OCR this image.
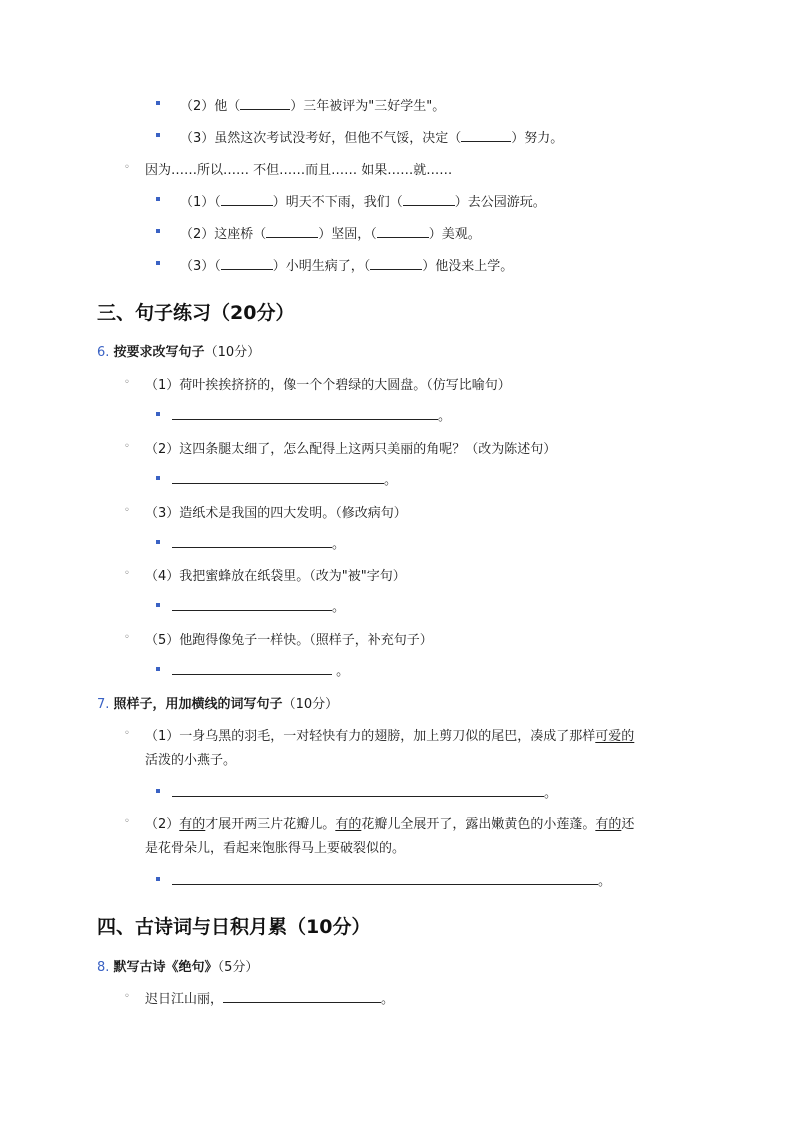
（2）他（	）三年被评为"三好学生"。
（3）虽然这次考试没考好，但他不气馁，决定（	）努力。
◦ 因为……所以…… 不但……而且…… 如果……就……
（1）（	）明天不下雨，我们（	）去公园游玩。
（2）这座桥（	）坚固，（	）美观。
（3）（	）小明生病了，（	）他没来上学。
三、句子练习（20分）
6. 按要求改写句子（10分）
◦ （1）荷叶挨挨挤挤的，像一个个碧绿的大圆盘。（仿写比喻句）
。
◦ （2）这四条腿太细了，怎么配得上这两只美丽的角呢？（改为陈述句）
。
◦ （3）造纸术是我国的四大发明。（修改病句）
。
◦ （4）我把蜜蜂放在纸袋里。（改为"被"字句）
。
◦ （5）他跑得像兔子一样快。（照样子，补充句子）
。
7. 照样子，用加横线的词写句子（10分）
◦ （1）一身乌黑的羽毛，一对轻快有力的翅膀，加上剪刀似的尾巴，凑成了那样可爱的
活泼的小燕子。
。
◦ （2）有的才展开两三片花瓣儿。有的花瓣儿全展开了，露出嫩黄色的小莲蓬。有的还
是花骨朵儿，看起来饱胀得马上要破裂似的。
。
四、古诗词与日积月累（10分）
8. 默写古诗《绝句》（5分）
◦ 迟日江山丽，	。
